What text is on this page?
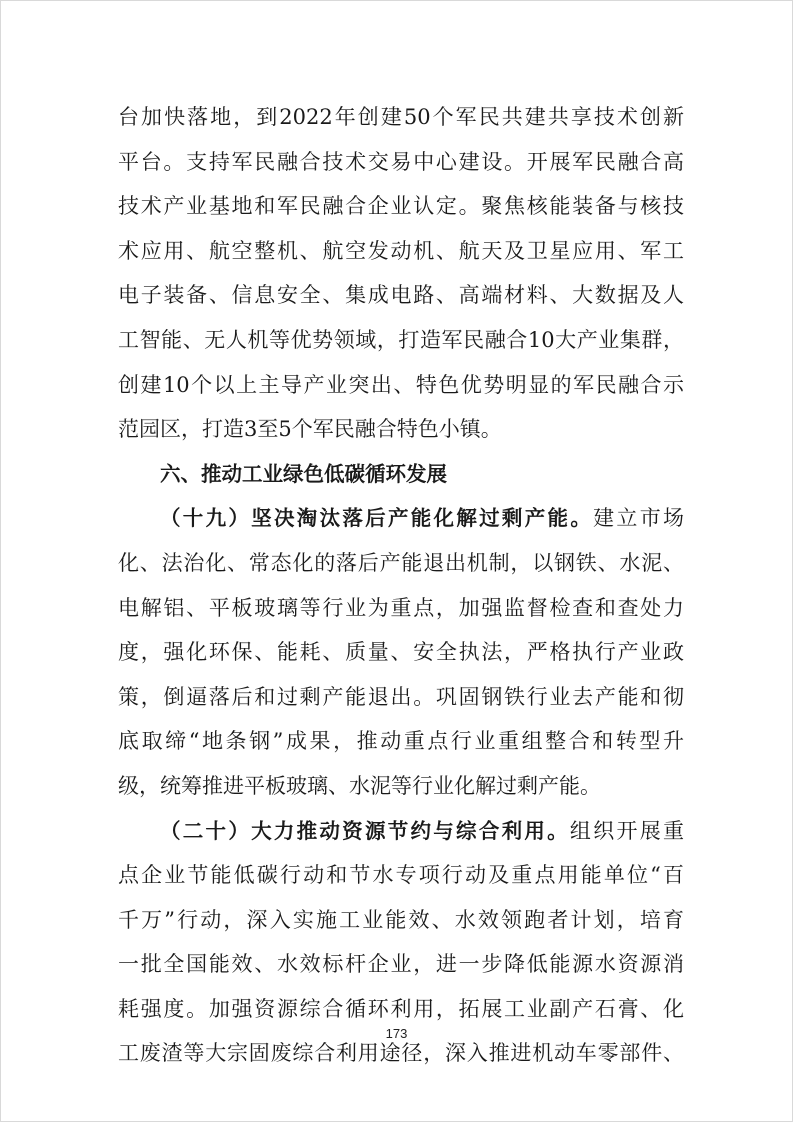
台加快落地，到2022年创建50个军民共建共享技术创新
平台。支持军民融合技术交易中心建设。开展军民融合高
技术产业基地和军民融合企业认定。聚焦核能装备与核技
术应用、航空整机、航空发动机、航天及卫星应用、军工
电子装备、信息安全、集成电路、高端材料、大数据及人
工智能、无人机等优势领域，打造军民融合10大产业集群，
创建10个以上主导产业突出、特色优势明显的军民融合示
范园区，打造3至5个军民融合特色小镇。
六、推动工业绿色低碳循环发展
（十九）坚决淘汰落后产能化解过剩产能。建立市场
化、法治化、常态化的落后产能退出机制，以钢铁、水泥、
电解铝、平板玻璃等行业为重点，加强监督检查和查处力
度，强化环保、能耗、质量、安全执法，严格执行产业政
策，倒逼落后和过剩产能退出。巩固钢铁行业去产能和彻
底取缔“地条钢”成果，推动重点行业重组整合和转型升
级，统筹推进平板玻璃、水泥等行业化解过剩产能。
（二十）大力推动资源节约与综合利用。组织开展重
点企业节能低碳行动和节水专项行动及重点用能单位“百
千万”行动，深入实施工业能效、水效领跑者计划，培育
一批全国能效、水效标杆企业，进一步降低能源水资源消
耗强度。加强资源综合循环利用，拓展工业副产石膏、化
工废渣等大宗固废综合利用途径，深入推进机动车零部件、
173
